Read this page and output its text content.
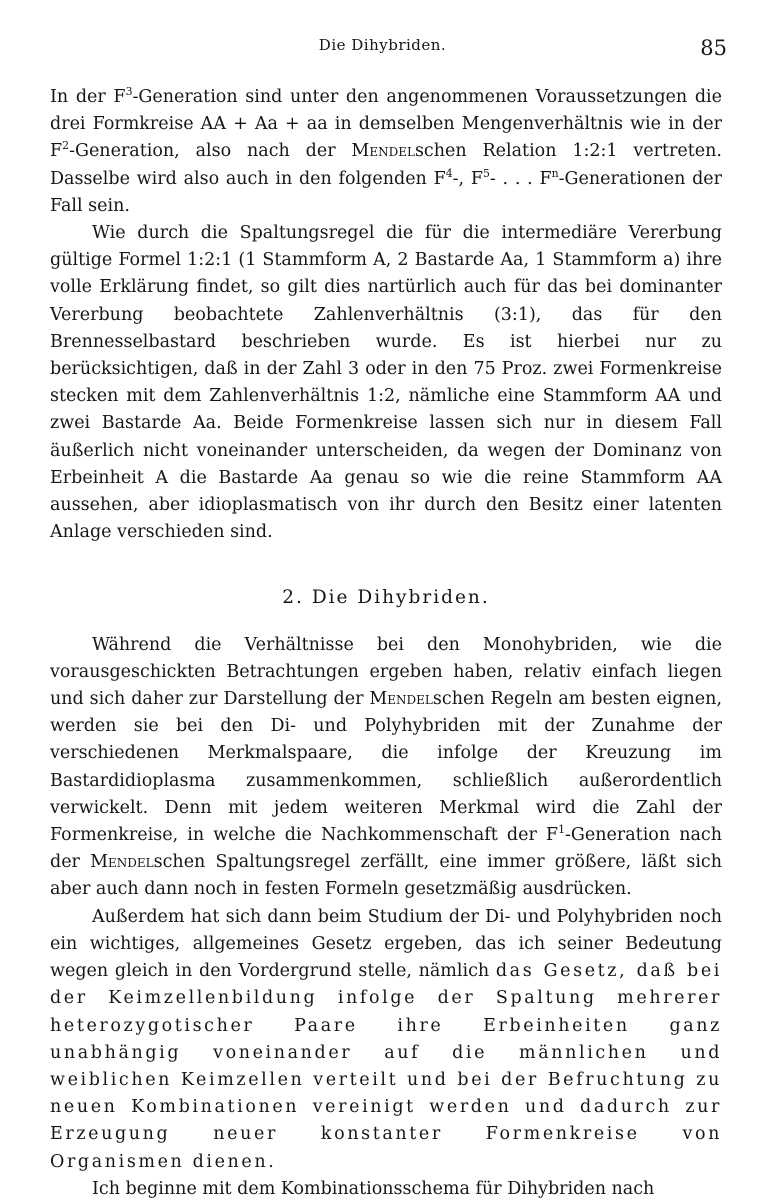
Die Dihybriden.	85

In der $F^3$-Generation sind unter den angenommenen Voraussetzungen die drei Formkreise AA + Aa + aa in demselben Mengenverhältnis wie in der $F^2$-Generation, also nach der Mendelschen Relation 1:2:1 vertreten. Dasselbe wird also auch in den folgenden $F^4-$, $F^5-$ . . . $F^n$-Generationen der Fall sein.

Wie durch die Spaltungsregel die für die intermediäre Vererbung gültige Formel 1:2:1 (1 Stammform A, 2 Bastarde Aa, 1 Stammform a) ihre volle Erklärung findet, so gilt dies nartürlich auch für das bei dominanter Vererbung beobachtete Zahlenverhältnis (3:1), das für den Brennesselbastard beschrieben wurde. Es ist hierbei nur zu berücksichtigen, daß in der Zahl 3 oder in den 75 Proz. zwei Formenkreise stecken mit dem Zahlenverhältnis 1:2, nämliche eine Stammform AA und zwei Bastarde Aa. Beide Formenkreise lassen sich nur in diesem Fall äußerlich nicht voneinander unterscheiden, da wegen der Dominanz von Erbeinheit A die Bastarde Aa genau so wie die reine Stammform AA aussehen, aber idioplasmatisch von ihr durch den Besitz einer latenten Anlage verschieden sind.

2. Die Dihybriden.

Während die Verhältnisse bei den Monohybriden, wie die vorausgeschickten Betrachtungen ergeben haben, relativ einfach liegen und sich daher zur Darstellung der Mendelschen Regeln am besten eignen, werden sie bei den Di- und Polyhybriden mit der Zunahme der verschiedenen Merkmalspaare, die infolge der Kreuzung im Bastardidioplasma zusammenkommen, schließlich außerordentlich verwickelt. Denn mit jedem weiteren Merkmal wird die Zahl der Formenkreise, in welche die Nachkommenschaft der $F^1$-Generation nach der Mendelschen Spaltungsregel zerfällt, eine immer größere, läßt sich aber auch dann noch in festen Formeln gesetzmäßig ausdrücken.

Außerdem hat sich dann beim Studium der Di- und Polyhybriden noch ein wichtiges, allgemeines Gesetz ergeben, das ich seiner Bedeutung wegen gleich in den Vordergrund stelle, nämlich das Gesetz, daß bei der Keimzellenbildung infolge der Spaltung mehrerer heterozygotischer Paare ihre Erbeinheiten ganz unabhängig voneinander auf die männlichen und weiblichen Keimzellen verteilt und bei der Befruchtung zu neuen Kombinationen vereinigt werden und dadurch zur Erzeugung neuer konstanter Formenkreise von Organismen dienen.

Ich beginne mit dem Kombinationsschema für Dihybriden nach
